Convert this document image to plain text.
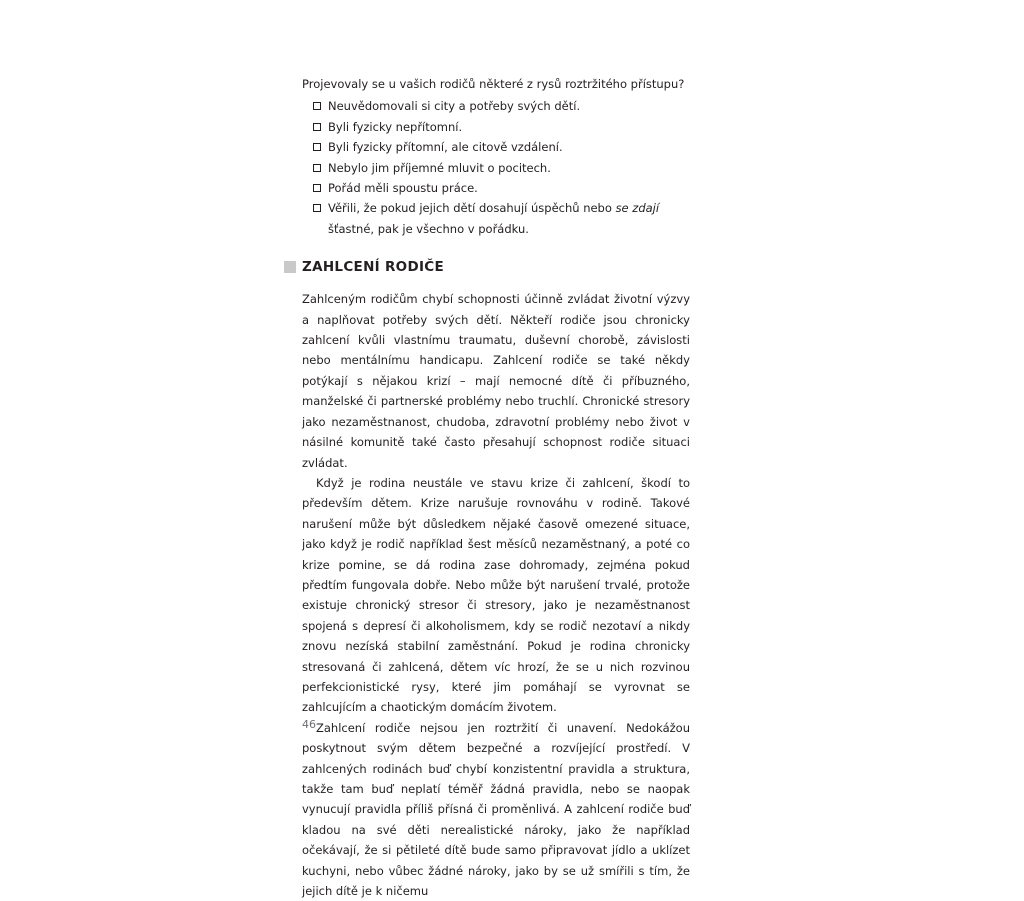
Projevovaly se u vašich rodičů některé z rysů roztržitého přístupu?

Neuvědomovali si city a potřeby svých dětí.
Byli fyzicky nepřítomní.
Byli fyzicky přítomní, ale citově vzdálení.
Nebylo jim příjemné mluvit o pocitech.
Pořád měli spoustu práce.
Věřili, že pokud jejich dětí dosahují úspěchů nebo se zdají šťastné, pak je všechno v pořádku.
ZAHLCENÍ RODIČE

Zahlceným rodičům chybí schopnosti účinně zvládat životní výzvy a naplňovat potřeby svých dětí. Někteří rodiče jsou chronicky zahlcení kvůli vlastnímu traumatu, duševní chorobě, závislosti nebo mentálnímu handicapu. Zahlcení rodiče se také někdy potýkají s nějakou krizí – mají nemocné dítě či příbuzného, manželské či partnerské problémy nebo truchlí. Chronické stresory jako nezaměstnanost, chudoba, zdravotní problémy nebo život v násilné komunitě také často přesahují schopnost rodiče situaci zvládat.

Když je rodina neustále ve stavu krize či zahlcení, škodí to především dětem. Krize narušuje rovnováhu v rodině. Takové narušení může být důsledkem nějaké časově omezené situace, jako když je rodič například šest měsíců nezaměstnaný, a poté co krize pomine, se dá rodina zase dohromady, zejména pokud předtím fungovala dobře. Nebo může být narušení trvalé, protože existuje chronický stresor či stresory, jako je nezaměstnanost spojená s depresí či alkoholismem, kdy se rodič nezotaví a nikdy znovu nezíská stabilní zaměstnání. Pokud je rodina chronicky stresovaná či zahlcená, dětem víc hrozí, že se u nich rozvinou perfekcionistické rysy, které jim pomáhají se vyrovnat se zahlcujícím a chaotickým domácím životem.

Zahlcení rodiče nejsou jen roztržití či unavení. Nedokážou poskytnout svým dětem bezpečné a rozvíjející prostředí. V zahlcených rodinách buď chybí konzistentní pravidla a struktura, takže tam buď neplatí téměř žádná pravidla, nebo se naopak vynucují pravidla příliš přísná či proměnlivá. A zahlcení rodiče buď kladou na své děti nerealistické nároky, jako že například očekávají, že si pětileté dítě bude samo připravovat jídlo a uklízet kuchyni, nebo vůbec žádné nároky, jako by se už smířili s tím, že jejich dítě je k ničemu

46
